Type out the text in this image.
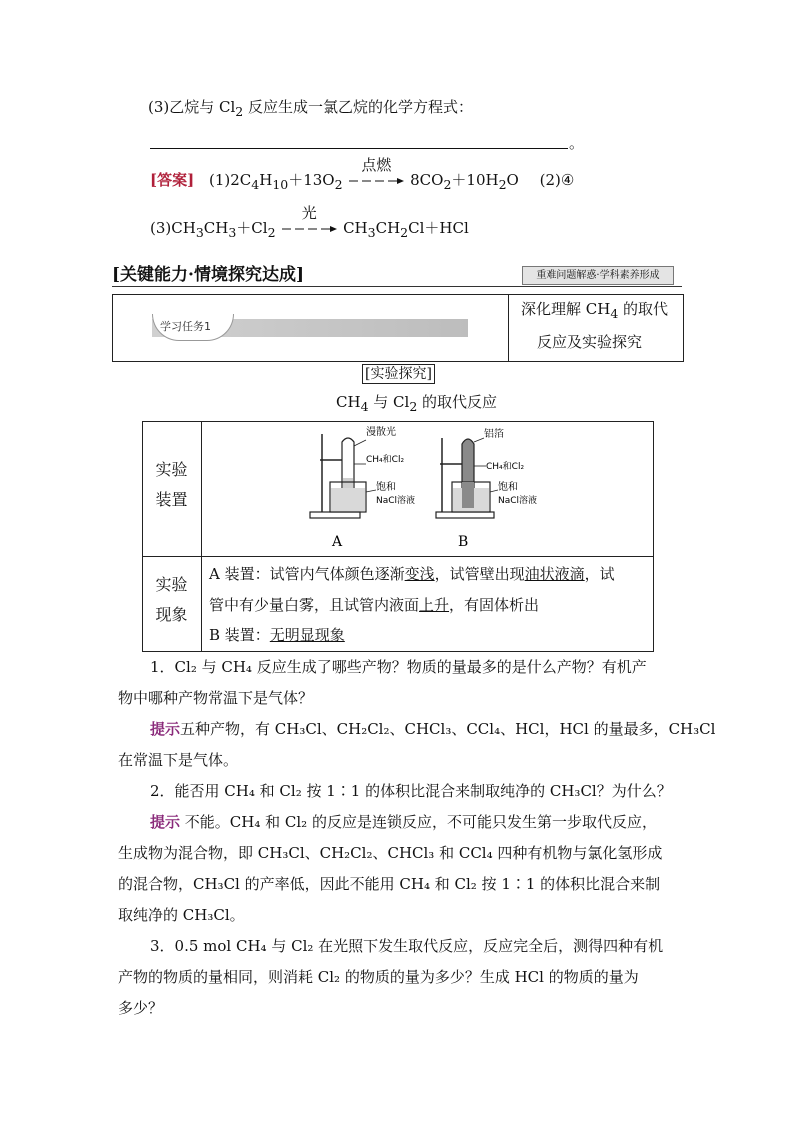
(3)乙烷与 $Cl_2$ 反应生成一氯乙烷的化学方程式：
。
[答案] $(1)2C_4H_{10}+13O_2$
点燃
$8CO_2+10H_2O$ (2)④
$(3)CH_3CH_3+Cl_2$
光
$CH_3CH_2Cl+HCl$
[关键能力·情境探究达成]	重难问题解惑·学科素养形成
学习任务1
深化理解 $CH_4$ 的取代
反应及实验探究
[实验探究]
$CH_4$ 与 $Cl_2$ 的取代反应
实验
装置
漫散光
CH₄和Cl₂
饱和
NaCl溶液
铝箔
CH₄和Cl₂
饱和
NaCl溶液
A	B
实验
现象
A 装置：试管内气体颜色逐渐变浅，试管壁出现油状液滴，试
管中有少量白雾，且试管内液面上升，有固体析出
B 装置：无明显现象
1．Cl₂ 与 CH₄ 反应生成了哪些产物？物质的量最多的是什么产物？有机产
物中哪种产物常温下是气体？
提示五种产物，有 CH₃Cl、CH₂Cl₂、CHCl₃、CCl₄、HCl，HCl 的量最多，CH₃Cl
在常温下是气体。
2．能否用 CH₄ 和 Cl₂ 按 1∶1 的体积比混合来制取纯净的 CH₃Cl？为什么？
提示 不能。CH₄ 和 Cl₂ 的反应是连锁反应，不可能只发生第一步取代反应，
生成物为混合物，即 CH₃Cl、CH₂Cl₂、CHCl₃ 和 CCl₄ 四种有机物与氯化氢形成
的混合物，CH₃Cl 的产率低，因此不能用 CH₄ 和 Cl₂ 按 1∶1 的体积比混合来制
取纯净的 CH₃Cl。
3．0.5 mol CH₄ 与 Cl₂ 在光照下发生取代反应，反应完全后，测得四种有机
产物的物质的量相同，则消耗 Cl₂ 的物质的量为多少？生成 HCl 的物质的量为
多少？
